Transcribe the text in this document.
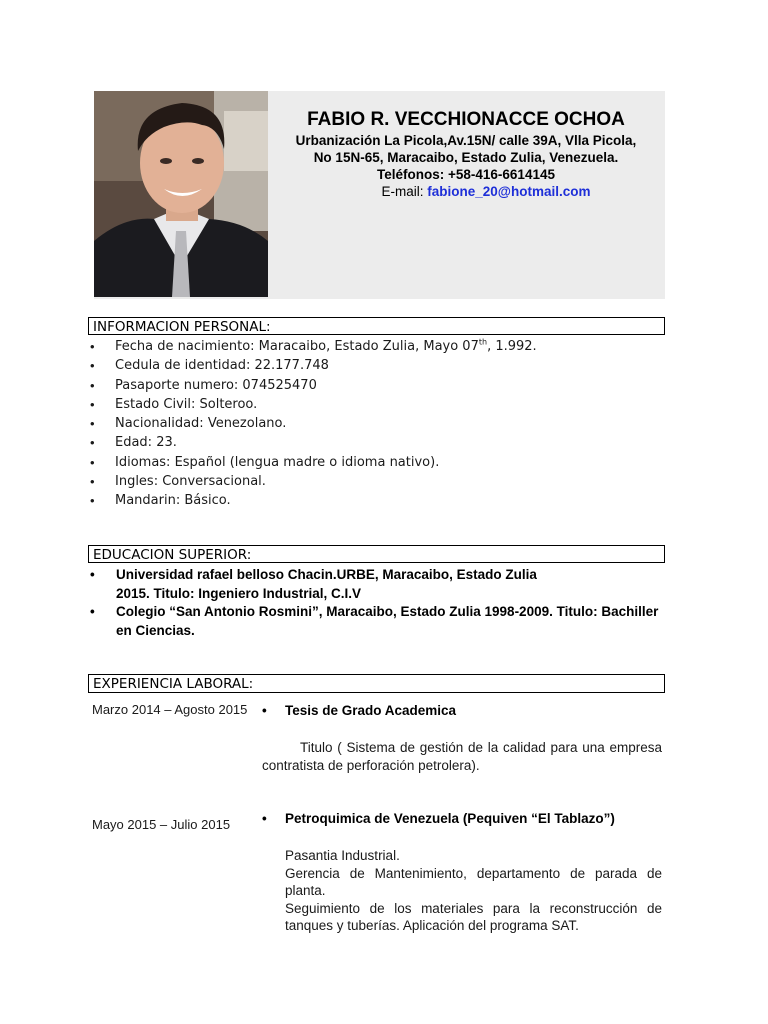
FABIO R. VECCHIONACCE OCHOA
Urbanización La Picola,Av.15N/ calle 39A, Vlla Picola,
No 15N-65, Maracaibo, Estado Zulia, Venezuela.
Teléfonos: +58-416-6614145
E-mail: fabione_20@hotmail.com
INFORMACION PERSONAL:
• Fecha de nacimiento: Maracaibo, Estado Zulia, Mayo 07th, 1.992.
• Cedula de identidad: 22.177.748
• Pasaporte numero: 074525470
• Estado Civil: Solteroo.
• Nacionalidad: Venezolano.
• Edad: 23.
• Idiomas: Español (lengua madre o idioma nativo).
• Ingles: Conversacional.
• Mandarin: Básico.
EDUCACION SUPERIOR:
• Universidad rafael belloso Chacin.URBE, Maracaibo, Estado Zulia 2015. Titulo: Ingeniero Industrial, C.I.V
• Colegio “San Antonio Rosmini”, Maracaibo, Estado Zulia 1998-2009. Titulo: Bachiller en Ciencias.
EXPERIENCIA LABORAL:
Marzo 2014 – Agosto 2015	• Tesis de Grado Academica
Titulo ( Sistema de gestión de la calidad para una empresa contratista de perforación petrolera).
Mayo 2015 – Julio 2015	• Petroquimica de Venezuela (Pequiven “El Tablazo”)

Pasantia Industrial.

Gerencia de Mantenimiento, departamento de parada de planta.

Seguimiento de los materiales para la reconstrucción de tanques y tuberías. Aplicación del programa SAT.
